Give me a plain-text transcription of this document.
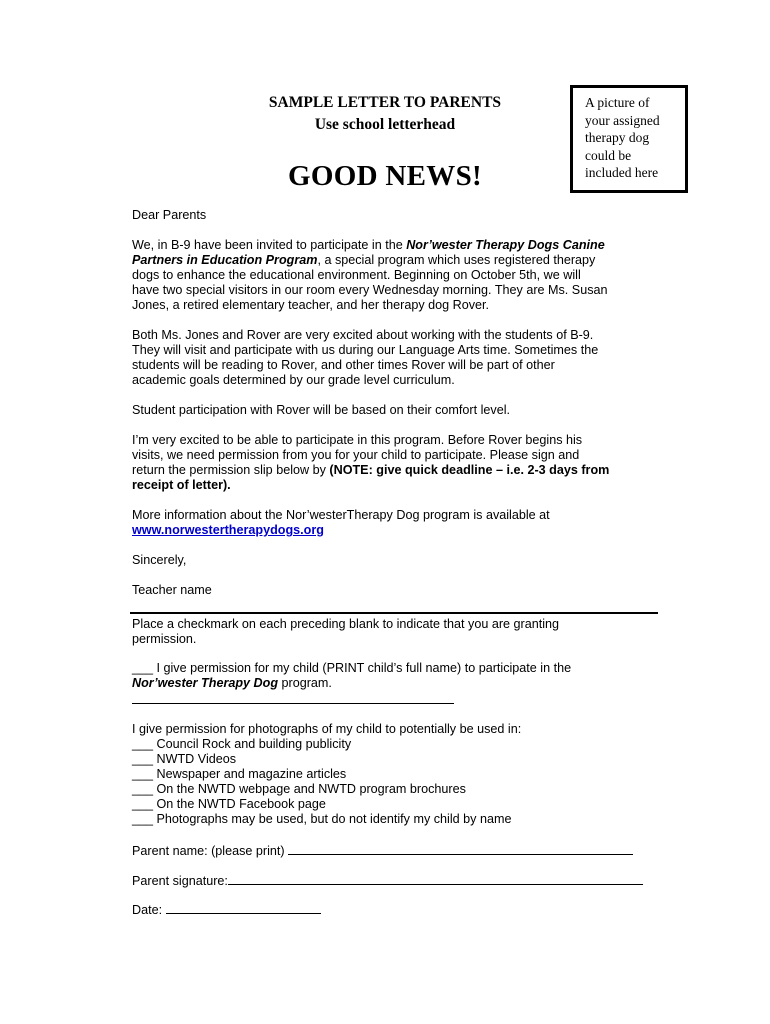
SAMPLE LETTER TO PARENTS
Use school letterhead
GOOD NEWS!
A picture of
your assigned
therapy dog
could be
included here
Dear Parents
We, in B-9 have been invited to participate in the Nor’wester Therapy Dogs Canine
Partners in Education Program, a special program which uses registered therapy
dogs to enhance the educational environment. Beginning on October 5th, we will
have two special visitors in our room every Wednesday morning. They are Ms. Susan
Jones, a retired elementary teacher, and her therapy dog Rover.
Both Ms. Jones and Rover are very excited about working with the students of B-9.
They will visit and participate with us during our Language Arts time. Sometimes the
students will be reading to Rover, and other times Rover will be part of other
academic goals determined by our grade level curriculum.
Student participation with Rover will be based on their comfort level.
I’m very excited to be able to participate in this program. Before Rover begins his
visits, we need permission from you for your child to participate. Please sign and
return the permission slip below by (NOTE: give quick deadline – i.e. 2-3 days from
receipt of letter).
More information about the Nor’westerTherapy Dog program is available at
www.norwestertherapydogs.org
Sincerely,
Teacher name
Place a checkmark on each preceding blank to indicate that you are granting
permission.
___ I give permission for my child (PRINT child’s full name) to participate in the
Nor’wester Therapy Dog program.
I give permission for photographs of my child to potentially be used in:
___ Council Rock and building publicity
___ NWTD Videos
___ Newspaper and magazine articles
___ On the NWTD webpage and NWTD program brochures
___ On the NWTD Facebook page
___ Photographs may be used, but do not identify my child by name
Parent name: (please print)
Parent signature:
Date:
